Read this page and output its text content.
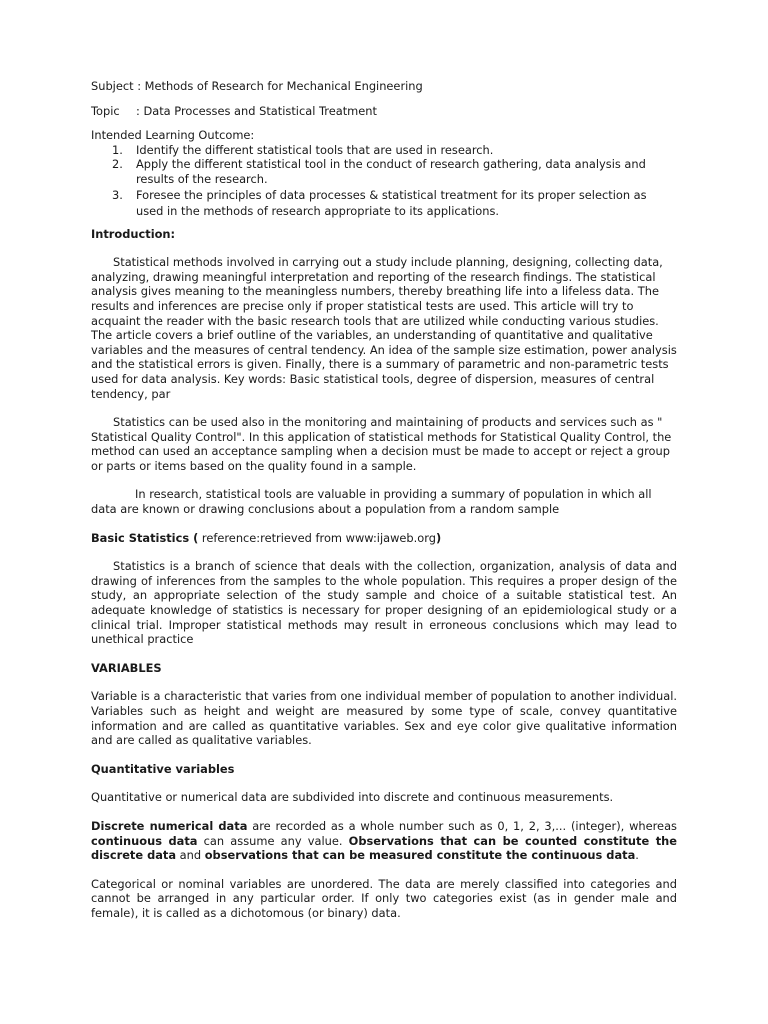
Subject : Methods of Research for Mechanical Engineering

Topic : Data Processes and Statistical Treatment

Intended Learning Outcome:

1. Identify the different statistical tools that are used in research.
2. Apply the different statistical tool in the conduct of research gathering, data analysis and results of the research.
3. Foresee the principles of data processes & statistical treatment for its proper selection as used in the methods of research appropriate to its applications.

Introduction:

Statistical methods involved in carrying out a study include planning, designing, collecting data, analyzing, drawing meaningful interpretation and reporting of the research findings. The statistical analysis gives meaning to the meaningless numbers, thereby breathing life into a lifeless data. The results and inferences are precise only if proper statistical tests are used. This article will try to acquaint the reader with the basic research tools that are utilized while conducting various studies. The article covers a brief outline of the variables, an understanding of quantitative and qualitative variables and the measures of central tendency. An idea of the sample size estimation, power analysis and the statistical errors is given. Finally, there is a summary of parametric and non-parametric tests used for data analysis. Key words: Basic statistical tools, degree of dispersion, measures of central tendency, par

Statistics can be used also in the monitoring and maintaining of products and services such as " Statistical Quality Control". In this application of statistical methods for Statistical Quality Control, the method can used an acceptance sampling when a decision must be made to accept or reject a group or parts or items based on the quality found in a sample.

In research, statistical tools are valuable in providing a summary of population in which all data are known or drawing conclusions about a population from a random sample

Basic Statistics ( reference:retrieved from www:ijaweb.org)

Statistics is a branch of science that deals with the collection, organization, analysis of data and drawing of inferences from the samples to the whole population. This requires a proper design of the study, an appropriate selection of the study sample and choice of a suitable statistical test. An adequate knowledge of statistics is necessary for proper designing of an epidemiological study or a clinical trial. Improper statistical methods may result in erroneous conclusions which may lead to unethical practice

VARIABLES

Variable is a characteristic that varies from one individual member of population to another individual. Variables such as height and weight are measured by some type of scale, convey quantitative information and are called as quantitative variables. Sex and eye color give qualitative information and are called as qualitative variables.

Quantitative variables

Quantitative or numerical data are subdivided into discrete and continuous measurements.

Discrete numerical data are recorded as a whole number such as 0, 1, 2, 3,... (integer), whereas continuous data can assume any value. Observations that can be counted constitute the discrete data and observations that can be measured constitute the continuous data.

Categorical or nominal variables are unordered. The data are merely classified into categories and cannot be arranged in any particular order. If only two categories exist (as in gender male and female), it is called as a dichotomous (or binary) data.
